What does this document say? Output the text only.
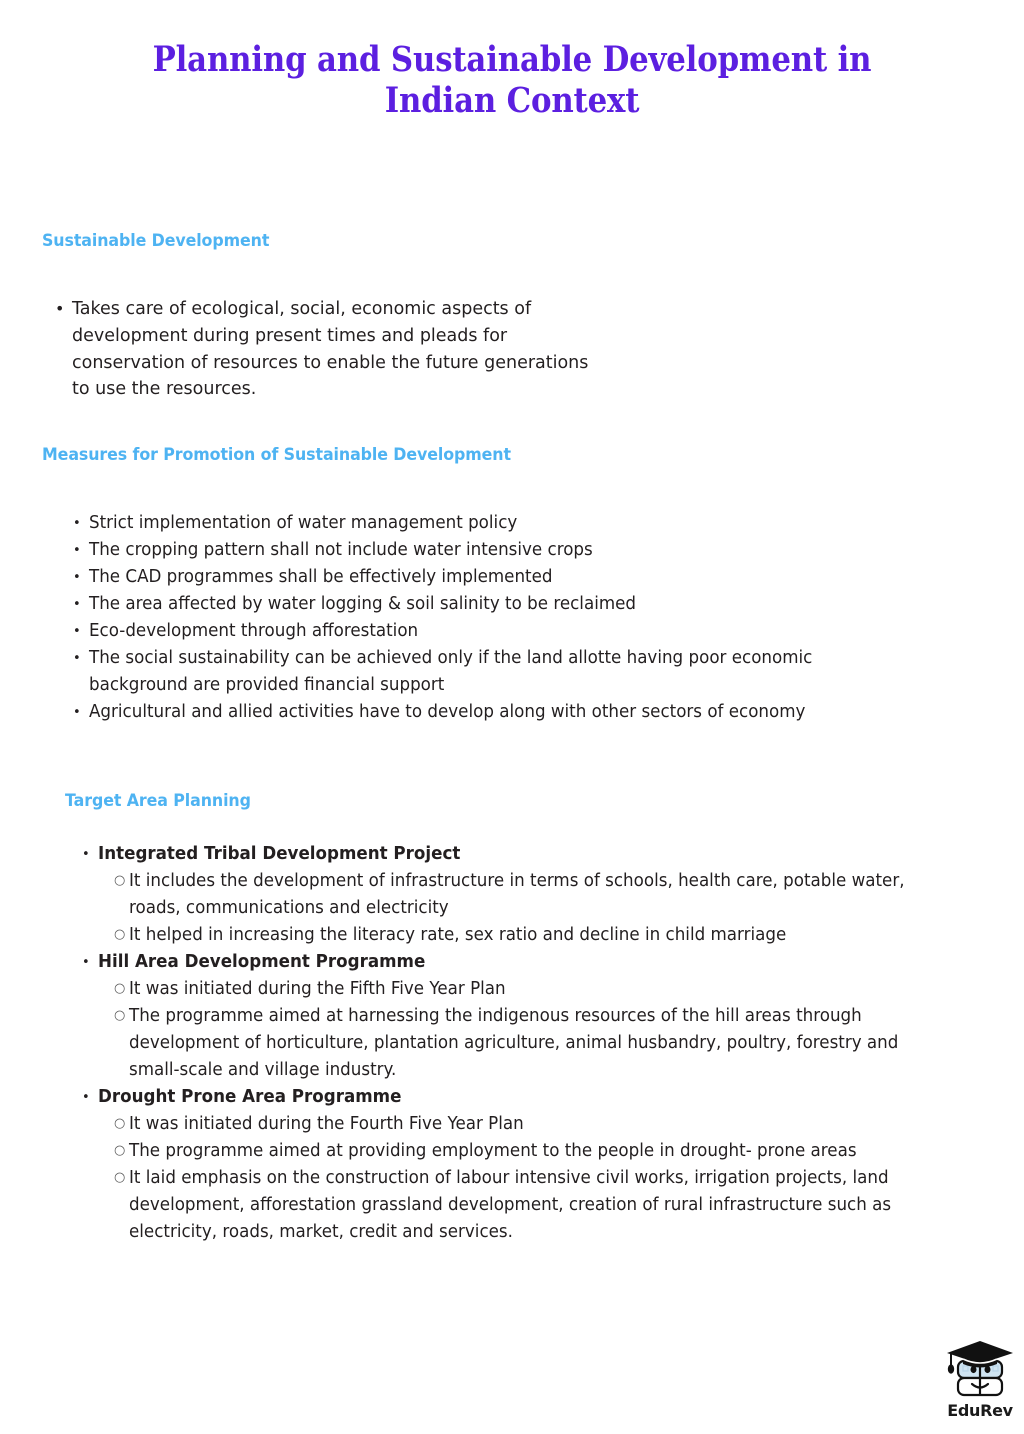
Planning and Sustainable Development in
Indian Context
Sustainable Development
• Takes care of ecological, social, economic aspects of development during present times and pleads for conservation of resources to enable the future generations to use the resources.
Measures for Promotion of Sustainable Development
• Strict implementation of water management policy
• The cropping pattern shall not include water intensive crops
• The CAD programmes shall be effectively implemented
• The area affected by water logging & soil salinity to be reclaimed
• Eco-development through afforestation
• The social sustainability can be achieved only if the land allotte having poor economic background are provided financial support
• Agricultural and allied activities have to develop along with other sectors of economy
Target Area Planning
• Integrated Tribal Development Project
○ It includes the development of infrastructure in terms of schools, health care, potable water, roads, communications and electricity
○ It helped in increasing the literacy rate, sex ratio and decline in child marriage
• Hill Area Development Programme
○ It was initiated during the Fifth Five Year Plan
○ The programme aimed at harnessing the indigenous resources of the hill areas through development of horticulture, plantation agriculture, animal husbandry, poultry, forestry and small-scale and village industry.
• Drought Prone Area Programme
○ It was initiated during the Fourth Five Year Plan
○ The programme aimed at providing employment to the people in drought- prone areas
○ It laid emphasis on the construction of labour intensive civil works, irrigation projects, land development, afforestation grassland development, creation of rural infrastructure such as electricity, roads, market, credit and services.
EduRev
